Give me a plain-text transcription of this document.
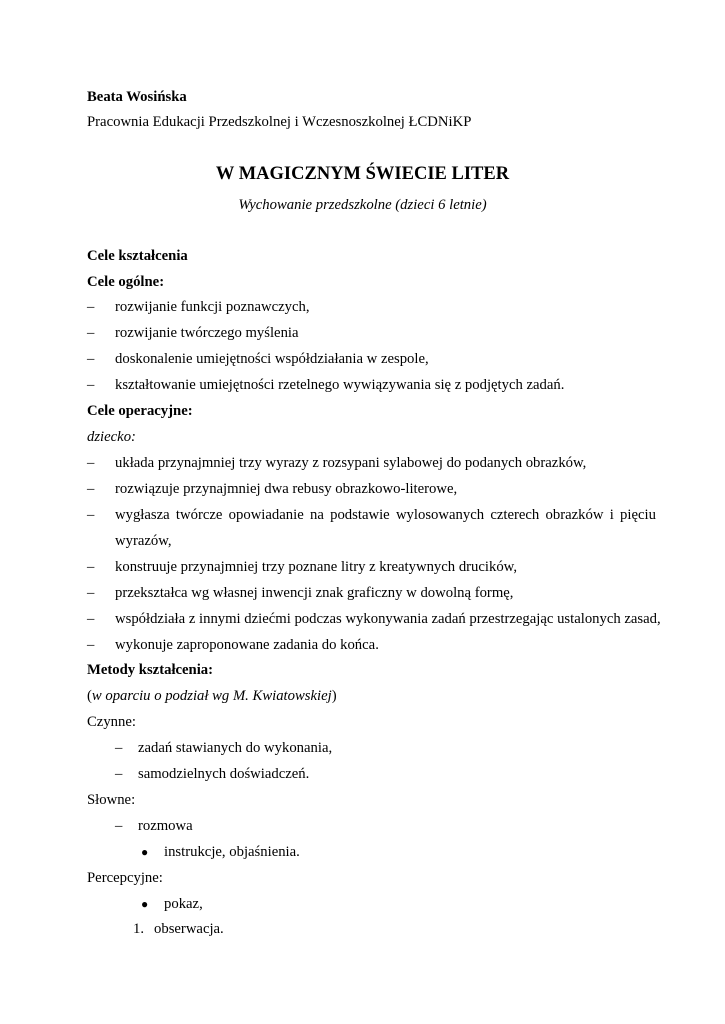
Beata Wosińska
Pracownia Edukacji Przedszkolnej i Wczesnoszkolnej ŁCDNiKP
W MAGICZNYM ŚWIECIE LITER
Wychowanie przedszkolne (dzieci 6 letnie)
Cele kształcenia
Cele ogólne:
– rozwijanie funkcji poznawczych,
– rozwijanie twórczego myślenia
– doskonalenie umiejętności współdziałania w zespole,
– kształtowanie umiejętności rzetelnego wywiązywania się z podjętych zadań.
Cele operacyjne:
dziecko:
– układa przynajmniej trzy wyrazy z rozsypani sylabowej do podanych obrazków,
– rozwiązuje przynajmniej dwa rebusy obrazkowo-literowe,
– wygłasza twórcze opowiadanie na podstawie wylosowanych czterech obrazków i pięciu
wyrazów,
– konstruuje przynajmniej trzy poznane litry z kreatywnych drucików,
– przekształca wg własnej inwencji znak graficzny w dowolną formę,
– współdziała z innymi dziećmi podczas wykonywania zadań przestrzegając ustalonych zasad,
– wykonuje zaproponowane zadania do końca.
Metody kształcenia:
(w oparciu o podział wg M. Kwiatowskiej)
Czynne:
– zadań stawianych do wykonania,
– samodzielnych doświadczeń.
Słowne:
– rozmowa
● instrukcje, objaśnienia.
Percepcyjne:
● pokaz,
1. obserwacja.
